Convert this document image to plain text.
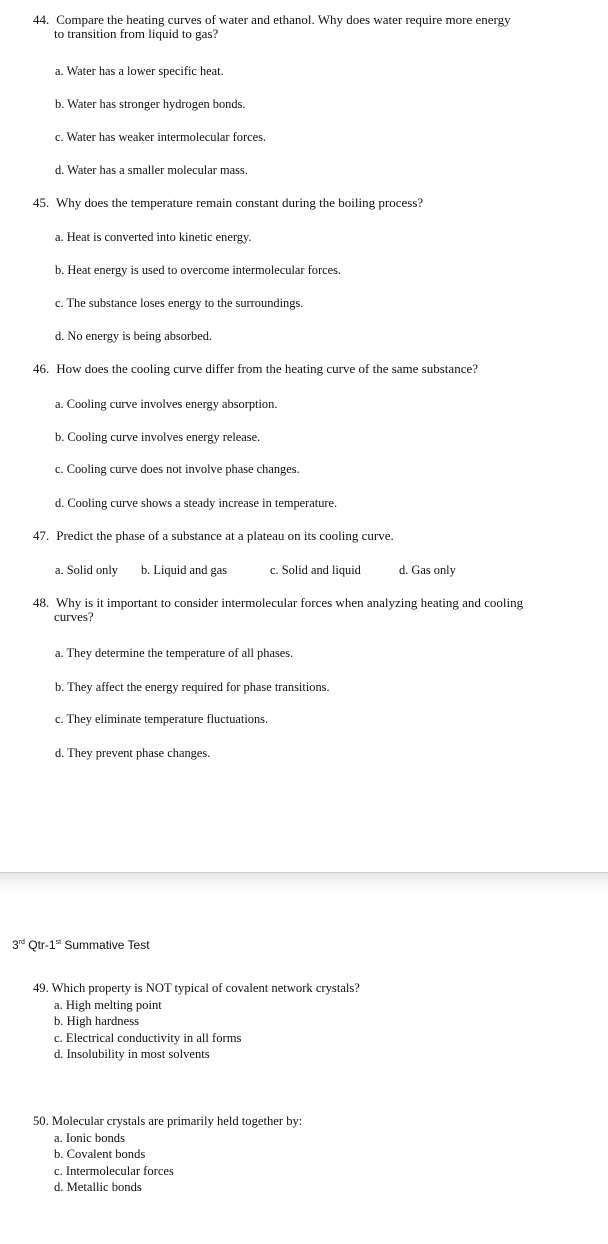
44. Compare the heating curves of water and ethanol. Why does water require more energy
to transition from liquid to gas?
a. Water has a lower specific heat.
b. Water has stronger hydrogen bonds.
c. Water has weaker intermolecular forces.
d. Water has a smaller molecular mass.
45. Why does the temperature remain constant during the boiling process?
a. Heat is converted into kinetic energy.
b. Heat energy is used to overcome intermolecular forces.
c. The substance loses energy to the surroundings.
d. No energy is being absorbed.
46. How does the cooling curve differ from the heating curve of the same substance?
a. Cooling curve involves energy absorption.
b. Cooling curve involves energy release.
c. Cooling curve does not involve phase changes.
d. Cooling curve shows a steady increase in temperature.
47. Predict the phase of a substance at a plateau on its cooling curve.
a. Solid only b. Liquid and gas	c. Solid and liquid	d. Gas only
48. Why is it important to consider intermolecular forces when analyzing heating and cooling
curves?
a. They determine the temperature of all phases.
b. They affect the energy required for phase transitions.
c. They eliminate temperature fluctuations.
d. They prevent phase changes.
3rd Qtr-1st Summative Test
49. Which property is NOT typical of covalent network crystals?
a. High melting point
b. High hardness
c. Electrical conductivity in all forms
d. Insolubility in most solvents
50. Molecular crystals are primarily held together by:
a. Ionic bonds
b. Covalent bonds
c. Intermolecular forces
d. Metallic bonds
